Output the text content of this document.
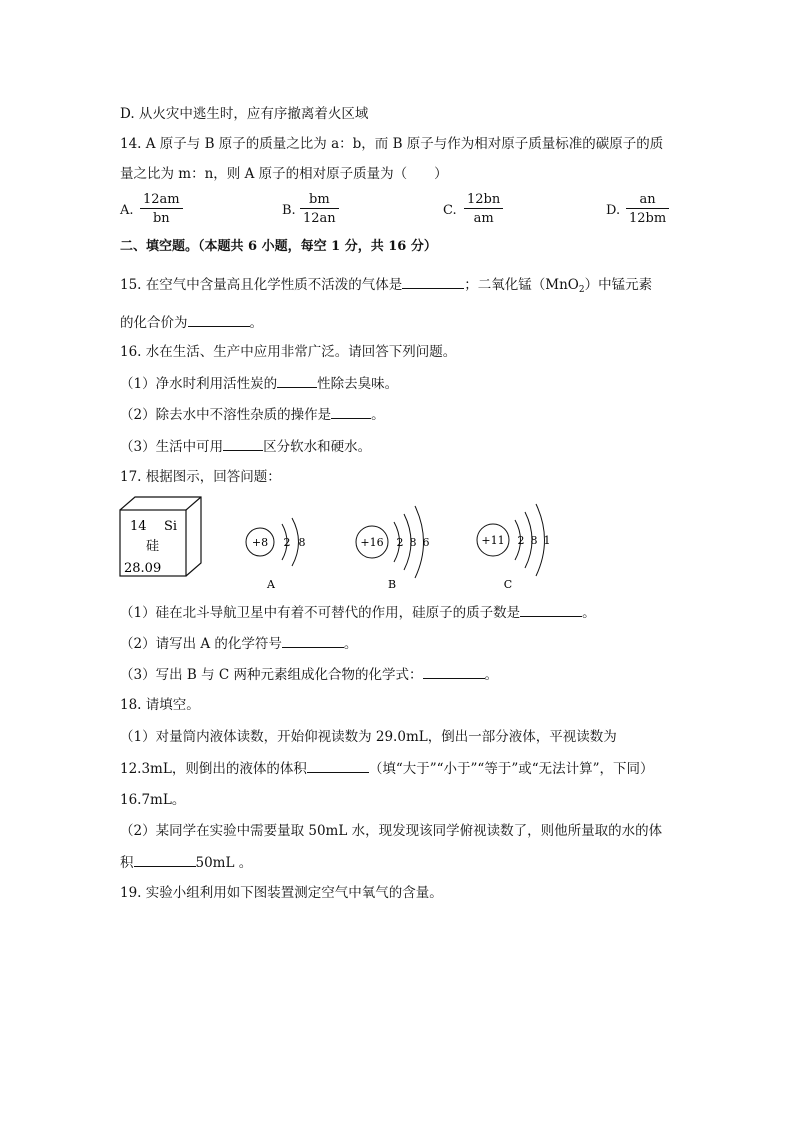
D. 从火灾中逃生时，应有序撤离着火区域
14. A 原子与 B 原子的质量之比为 a：b，而 B 原子与作为相对原子质量标准的碳原子的质
量之比为 m：n，则 A 原子的相对原子质量为（　　）
A. $\frac{12am}{bn}$	B. $\frac{bm}{12an}$	C. $\frac{12bn}{am}$	D. $\frac{an}{12bm}$
二、填空题。（本题共 6 小题，每空 1 分，共 16 分）
15. 在空气中含量高且化学性质不活泼的气体是	；二氧化锰（MnO$_2$）中锰元素
的化合价为	。
16. 水在生活、生产中应用非常广泛。请回答下列问题。
（1）净水时利用活性炭的	性除去臭味。
（2）除去水中不溶性杂质的操作是	。
（3）生活中可用	区分软水和硬水。
17. 根据图示，回答问题：
14 Si
硅
28.09
+8 2 8
A
+16 2 8 6
B
+11 2 8 1
C
（1）硅在北斗导航卫星中有着不可替代的作用，硅原子的质子数是	。
（2）请写出 A 的化学符号	。
（3）写出 B 与 C 两种元素组成化合物的化学式：	。
18. 请填空。
（1）对量筒内液体读数，开始仰视读数为 29.0mL，倒出一部分液体，平视读数为
12.3mL，则倒出的液体的体积	（填“大于”“小于”“等于”或“无法计算”，下同）
16.7mL。
（2）某同学在实验中需要量取 50mL 水，现发现该同学俯视读数了，则他所量取的水的体
积	50mL 。
19. 实验小组利用如下图装置测定空气中氧气的含量。
